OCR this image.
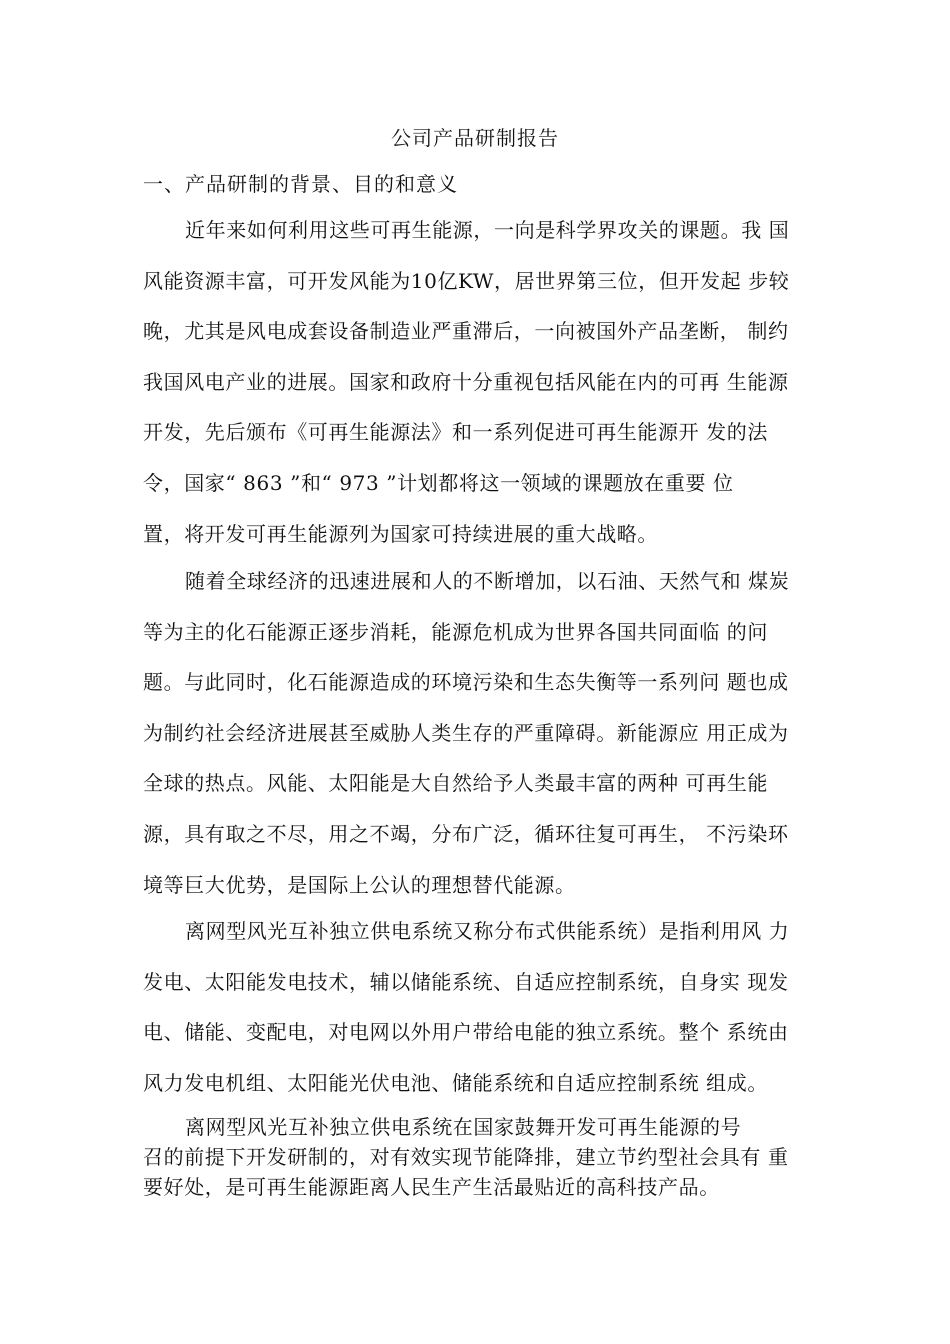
公司产品研制报告
一、产品研制的背景、目的和意义
近年来如何利用这些可再生能源，一向是科学界攻关的课题。我 国
风能资源丰富，可开发风能为10亿KW，居世界第三位，但开发起 步较
晚，尤其是风电成套设备制造业严重滞后，一向被国外产品垄断， 制约
我国风电产业的进展。国家和政府十分重视包括风能在内的可再 生能源
开发，先后颁布《可再生能源法》和一系列促进可再生能源开 发的法
令，国家“ 863 ”和“ 973 ”计划都将这一领域的课题放在重要 位
置，将开发可再生能源列为国家可持续进展的重大战略。
随着全球经济的迅速进展和人的不断增加，以石油、天然气和 煤炭
等为主的化石能源正逐步消耗，能源危机成为世界各国共同面临 的问
题。与此同时，化石能源造成的环境污染和生态失衡等一系列问 题也成
为制约社会经济进展甚至威胁人类生存的严重障碍。新能源应 用正成为
全球的热点。风能、太阳能是大自然给予人类最丰富的两种 可再生能
源，具有取之不尽，用之不竭，分布广泛，循环往复可再生， 不污染环
境等巨大优势，是国际上公认的理想替代能源。
离网型风光互补独立供电系统又称分布式供能系统）是指利用风 力
发电、太阳能发电技术，辅以储能系统、自适应控制系统，自身实 现发
电、储能、变配电，对电网以外用户带给电能的独立系统。整个 系统由
风力发电机组、太阳能光伏电池、储能系统和自适应控制系统 组成。
离网型风光互补独立供电系统在国家鼓舞开发可再生能源的号
召的前提下开发研制的，对有效实现节能降排，建立节约型社会具有 重
要好处，是可再生能源距离人民生产生活最贴近的高科技产品。
